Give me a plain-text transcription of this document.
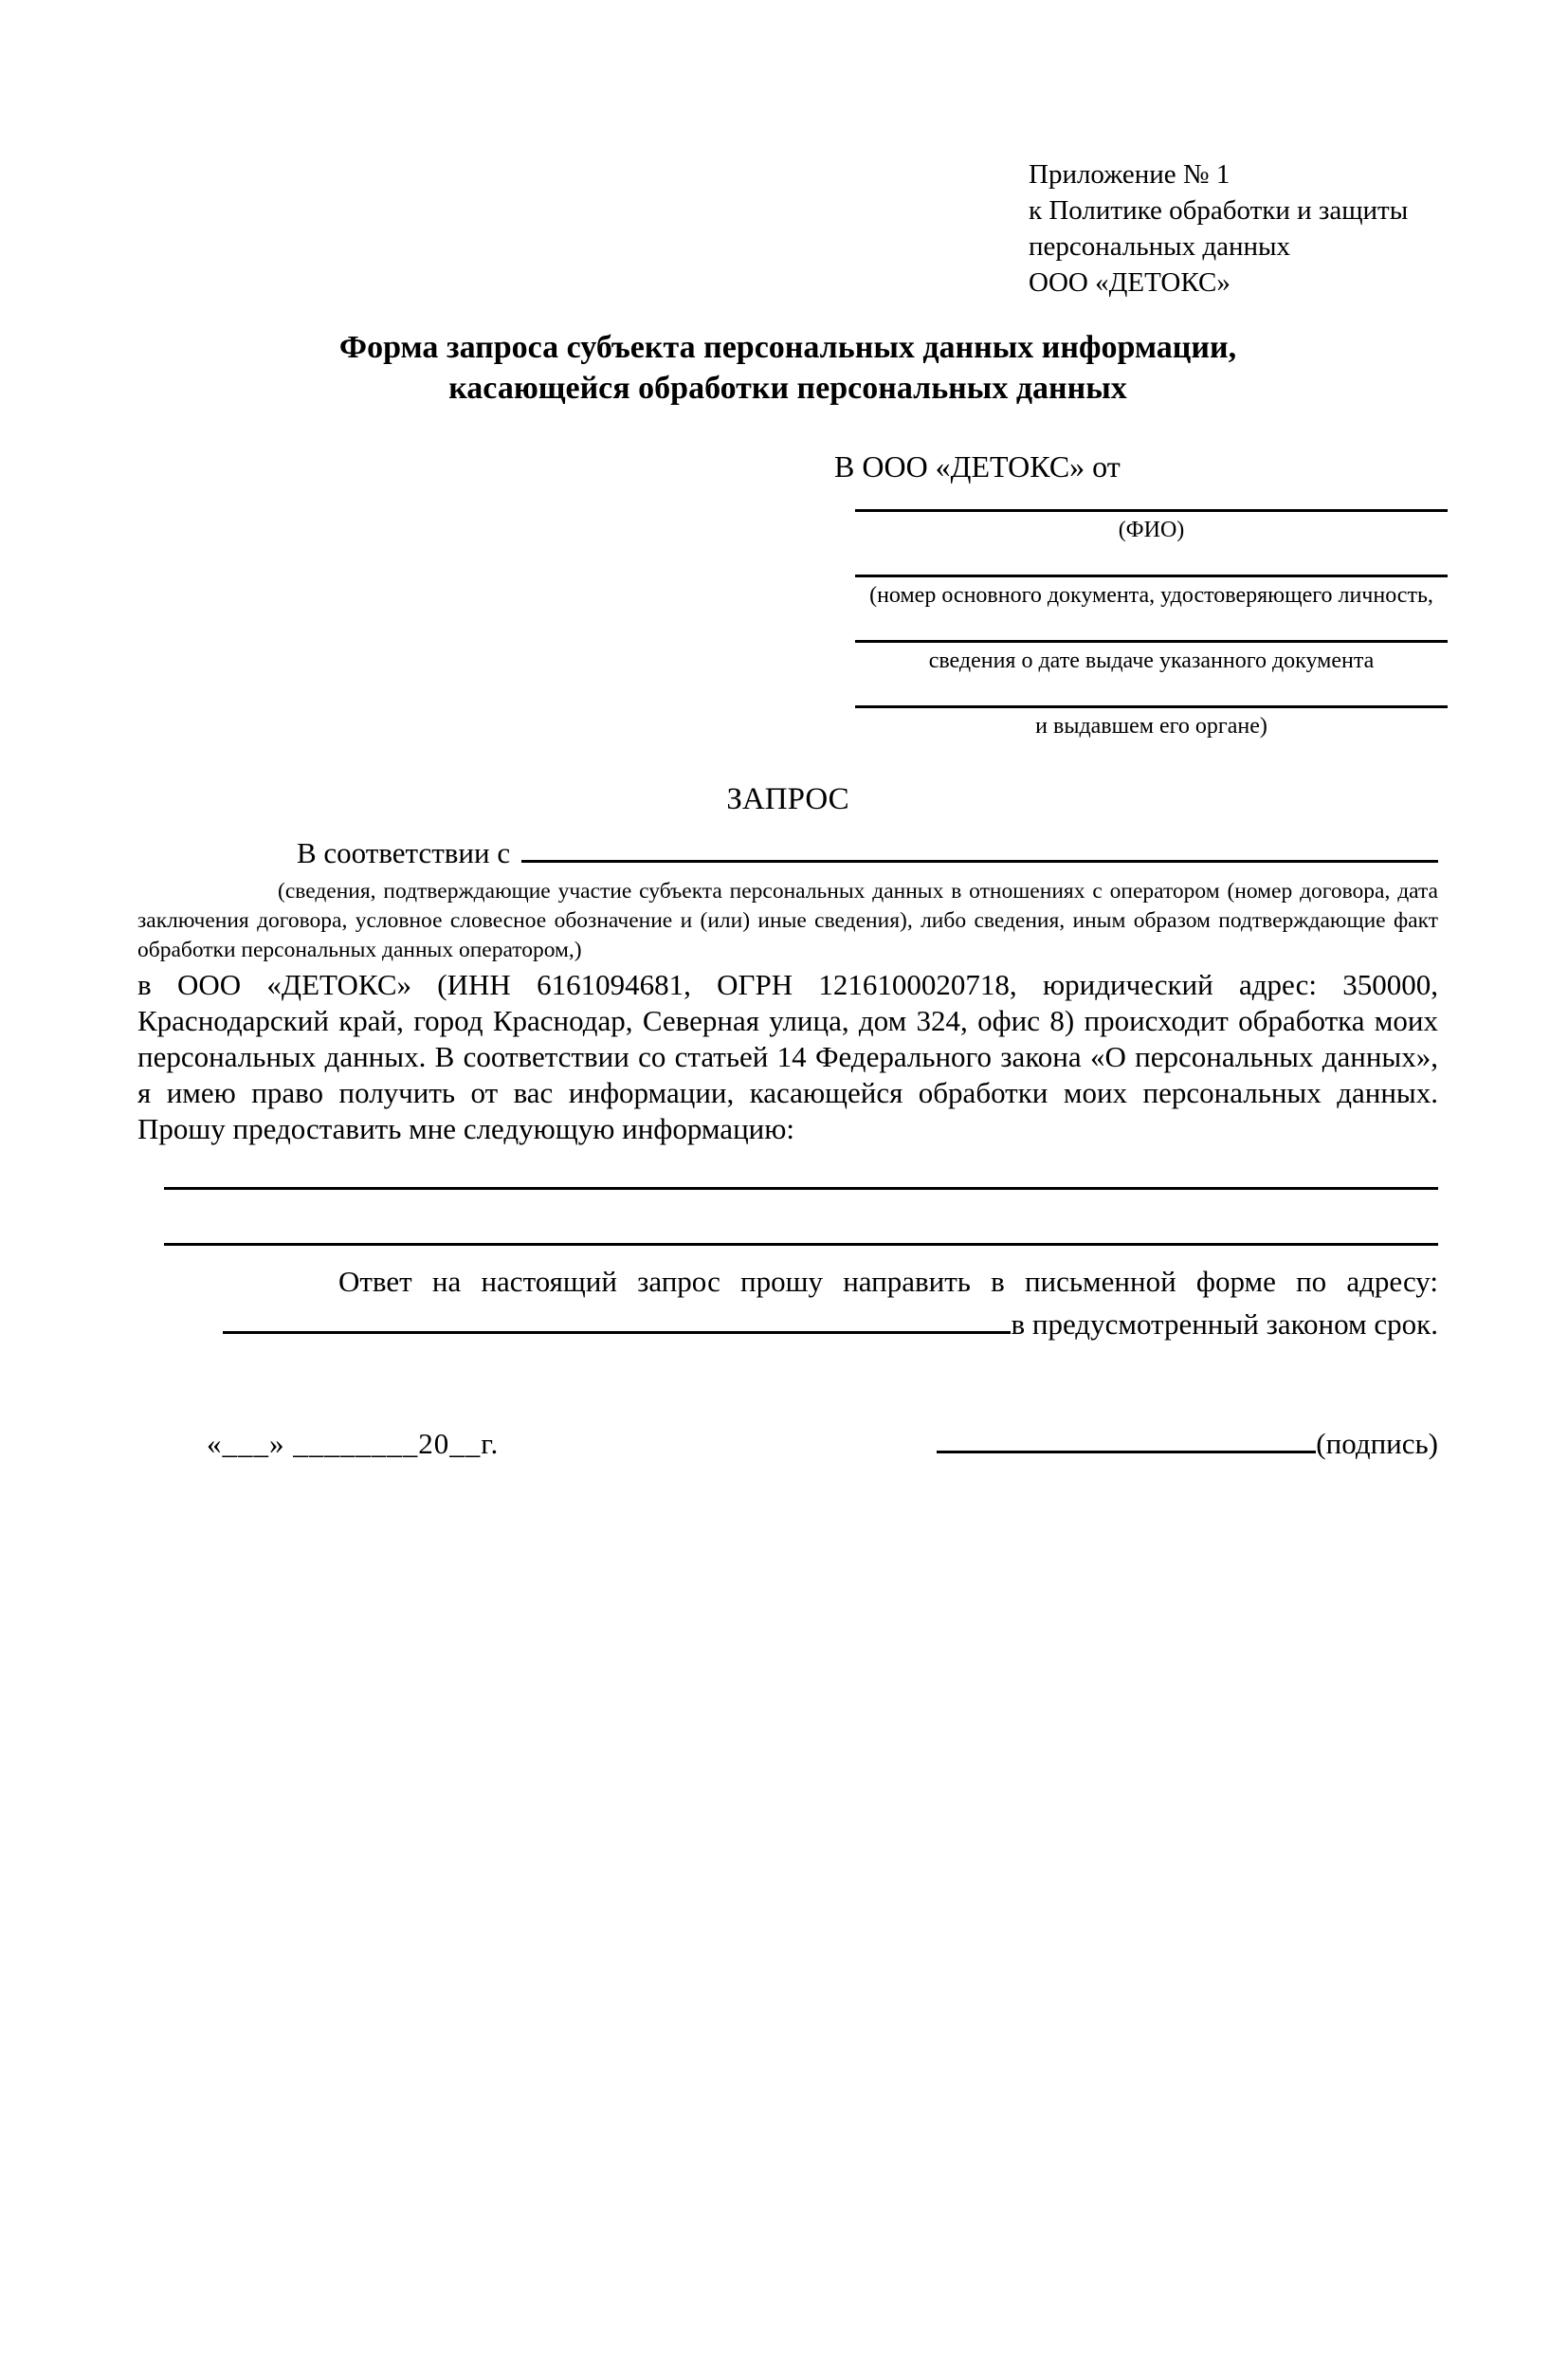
Приложение № 1
к Политике обработки и защиты
персональных данных
ООО «ДЕТОКС»
Форма запроса субъекта персональных данных информации,
касающейся обработки персональных данных
В ООО «ДЕТОКС» от
(ФИО)
(номер основного документа, удостоверяющего личность,
сведения о дате выдаче указанного документа
и выдавшем его органе)
ЗАПРОС
В соответствии с
(сведения, подтверждающие участие субъекта персональных данных в отношениях с оператором (номер договора, дата заключения договора, условное словесное обозначение и (или) иные сведения), либо сведения, иным образом подтверждающие факт обработки персональных данных оператором,)

в ООО «ДЕТОКС» (ИНН 6161094681, ОГРН 1216100020718, юридический адрес: 350000, Краснодарский край, город Краснодар, Северная улица, дом 324, офис 8) происходит обработка моих персональных данных. В соответствии со статьей 14 Федерального закона «О персональных данных», я имею право получить от вас информации, касающейся обработки моих персональных данных. Прошу предоставить мне следующую информацию:

Ответ на настоящий запрос прошу направить в письменной форме по адресу:

в предусмотренный законом срок.
«___» ________20__г.	(подпись)
